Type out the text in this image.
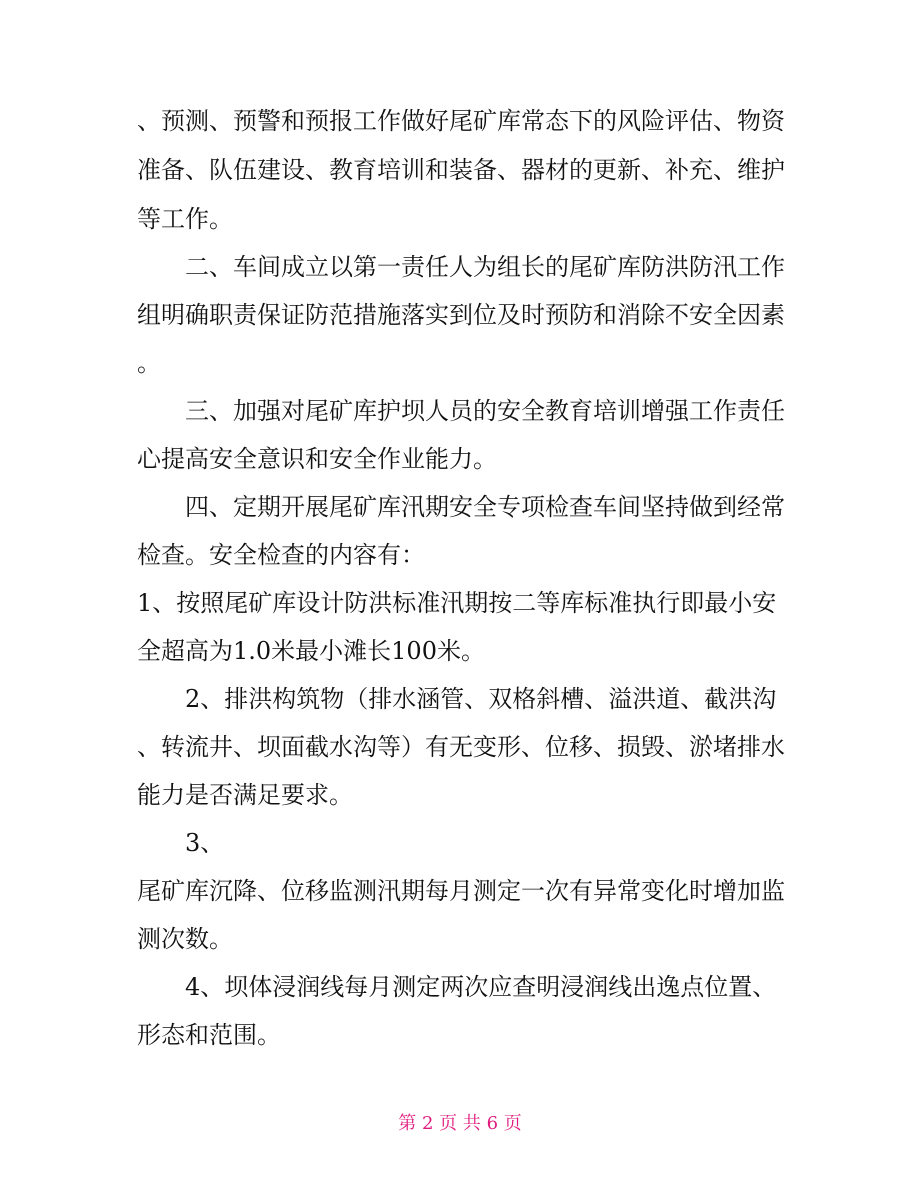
、预测、预警和预报工作做好尾矿库常态下的风险评估、物资
准备、队伍建设、教育培训和装备、器材的更新、补充、维护
等工作。
二、车间成立以第一责任人为组长的尾矿库防洪防汛工作
组明确职责保证防范措施落实到位及时预防和消除不安全因素
。
三、加强对尾矿库护坝人员的安全教育培训增强工作责任
心提高安全意识和安全作业能力。
四、定期开展尾矿库汛期安全专项检查车间坚持做到经常
检查。安全检查的内容有：
1、按照尾矿库设计防洪标准汛期按二等库标准执行即最小安
全超高为1.0米最小滩长100米。
2、排洪构筑物（排水涵管、双格斜槽、溢洪道、截洪沟
、转流井、坝面截水沟等）有无变形、位移、损毁、淤堵排水
能力是否满足要求。
3、
尾矿库沉降、位移监测汛期每月测定一次有异常变化时增加监
测次数。
4、坝体浸润线每月测定两次应查明浸润线出逸点位置、
形态和范围。
第 2 页 共 6 页
